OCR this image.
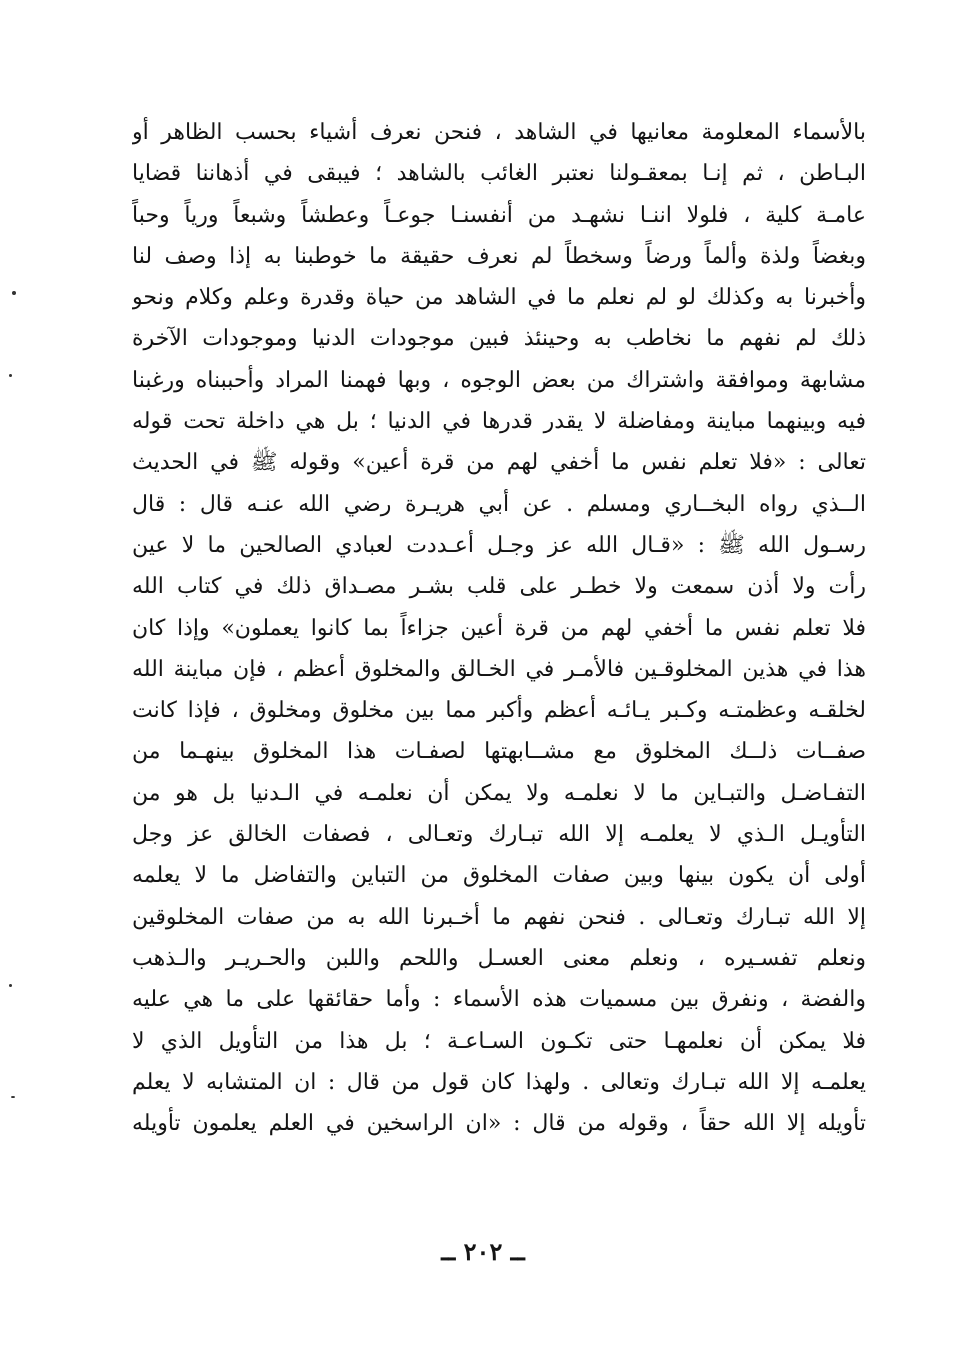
بالأسماء المعلومة معانيها في الشاهد ، فنحن نعرف أشياء بحسب الظاهر أو
البـاطن ، ثم إنـا بمعقـولنا نعتبر الغائب بالشاهد ؛ فيبقى في أذهاننا قضايا
عامـة كلية ، فلولا اننـا نشهـد من أنفسنـا جوعـاً وعطشاً وشبعاً ورياً وحباً
وبغضاً ولذة وألماً ورضاً وسخطاً لم نعرف حقيقة ما خوطبنا به إذا وصف لنا
وأخبرنا به وكذلك لو لم نعلم ما في الشاهد من حياة وقدرة وعلم وكلام ونحو
ذلك لم نفهم ما نخاطب به وحينئذ فبين موجودات الدنيا وموجودات الآخرة
مشابهة وموافقة واشتراك من بعض الوجوه ، وبها فهمنا المراد وأحببناه ورغبنا
فيه وبينهما مباينة ومفاضلة لا يقدر قدرها في الدنيا ؛ بل هي داخلة تحت قوله
تعالى : «فلا تعلم نفس ما أخفي لهم من قرة أعين» وقوله ﷺ في الحديث
الــذي رواه البخــاري ومسلم . عن أبي هريـرة رضي الله عنـه قال : قال
رسـول الله ﷺ : «قـال الله عز وجـل أعـددت لعبادي الصالحين ما لا عين
رأت ولا أذن سمعت ولا خطـر على قلب بشـر مصـداق ذلك في كتاب الله
فلا تعلم نفس ما أخفي لهم من قرة أعين جزاءاً بما كانوا يعملون» وإذا كان
هذا في هذين المخلوقـين فالأمـر في الخـالق والمخلوق أعظم ، فإن مباينة الله
لخلقـه وعظمتـه وكـبر يـائـه أعظم وأكبر مما بين مخلوق ومخلوق ، فإذا كانت
صفــات ذلــك المخلوق مع مشــابهتها لصفـات هذا المخلوق بينهـما من
التفـاضـل والتبـاين ما لا نعلمـه ولا يمكن أن نعلمـه في الـدنيا بل هو من
التأويـل الـذي لا يعلمـه إلا الله تبـارك وتعـالى ، فصفات الخالق عز وجل
أولى أن يكون بينها وبين صفات المخلوق من التباين والتفاضل ما لا يعلمه
إلا الله تبـارك وتعـالى . فنحن نفهم ما أخـبرنا الله به من صفات المخلوقين
ونعلم تفسـيره ، ونعلم معنى العسـل واللحم واللبن والحـريـر والـذهب
والفضة ، ونفرق بين مسميات هذه الأسماء : وأما حقائقها على ما هي عليه
فلا يمكن أن نعلمهـا حتى تكـون السـاعـة ؛ بل هذا من التأويل الذي لا
يعلمـه إلا الله تبـارك وتعالى . ولهذا كان قول من قال : ان المتشابه لا يعلم
تأويله إلا الله حقاً ، وقوله من قال : «ان الراسخين في العلم يعلمون تأويله
ــ ٢٠٢ ــ
